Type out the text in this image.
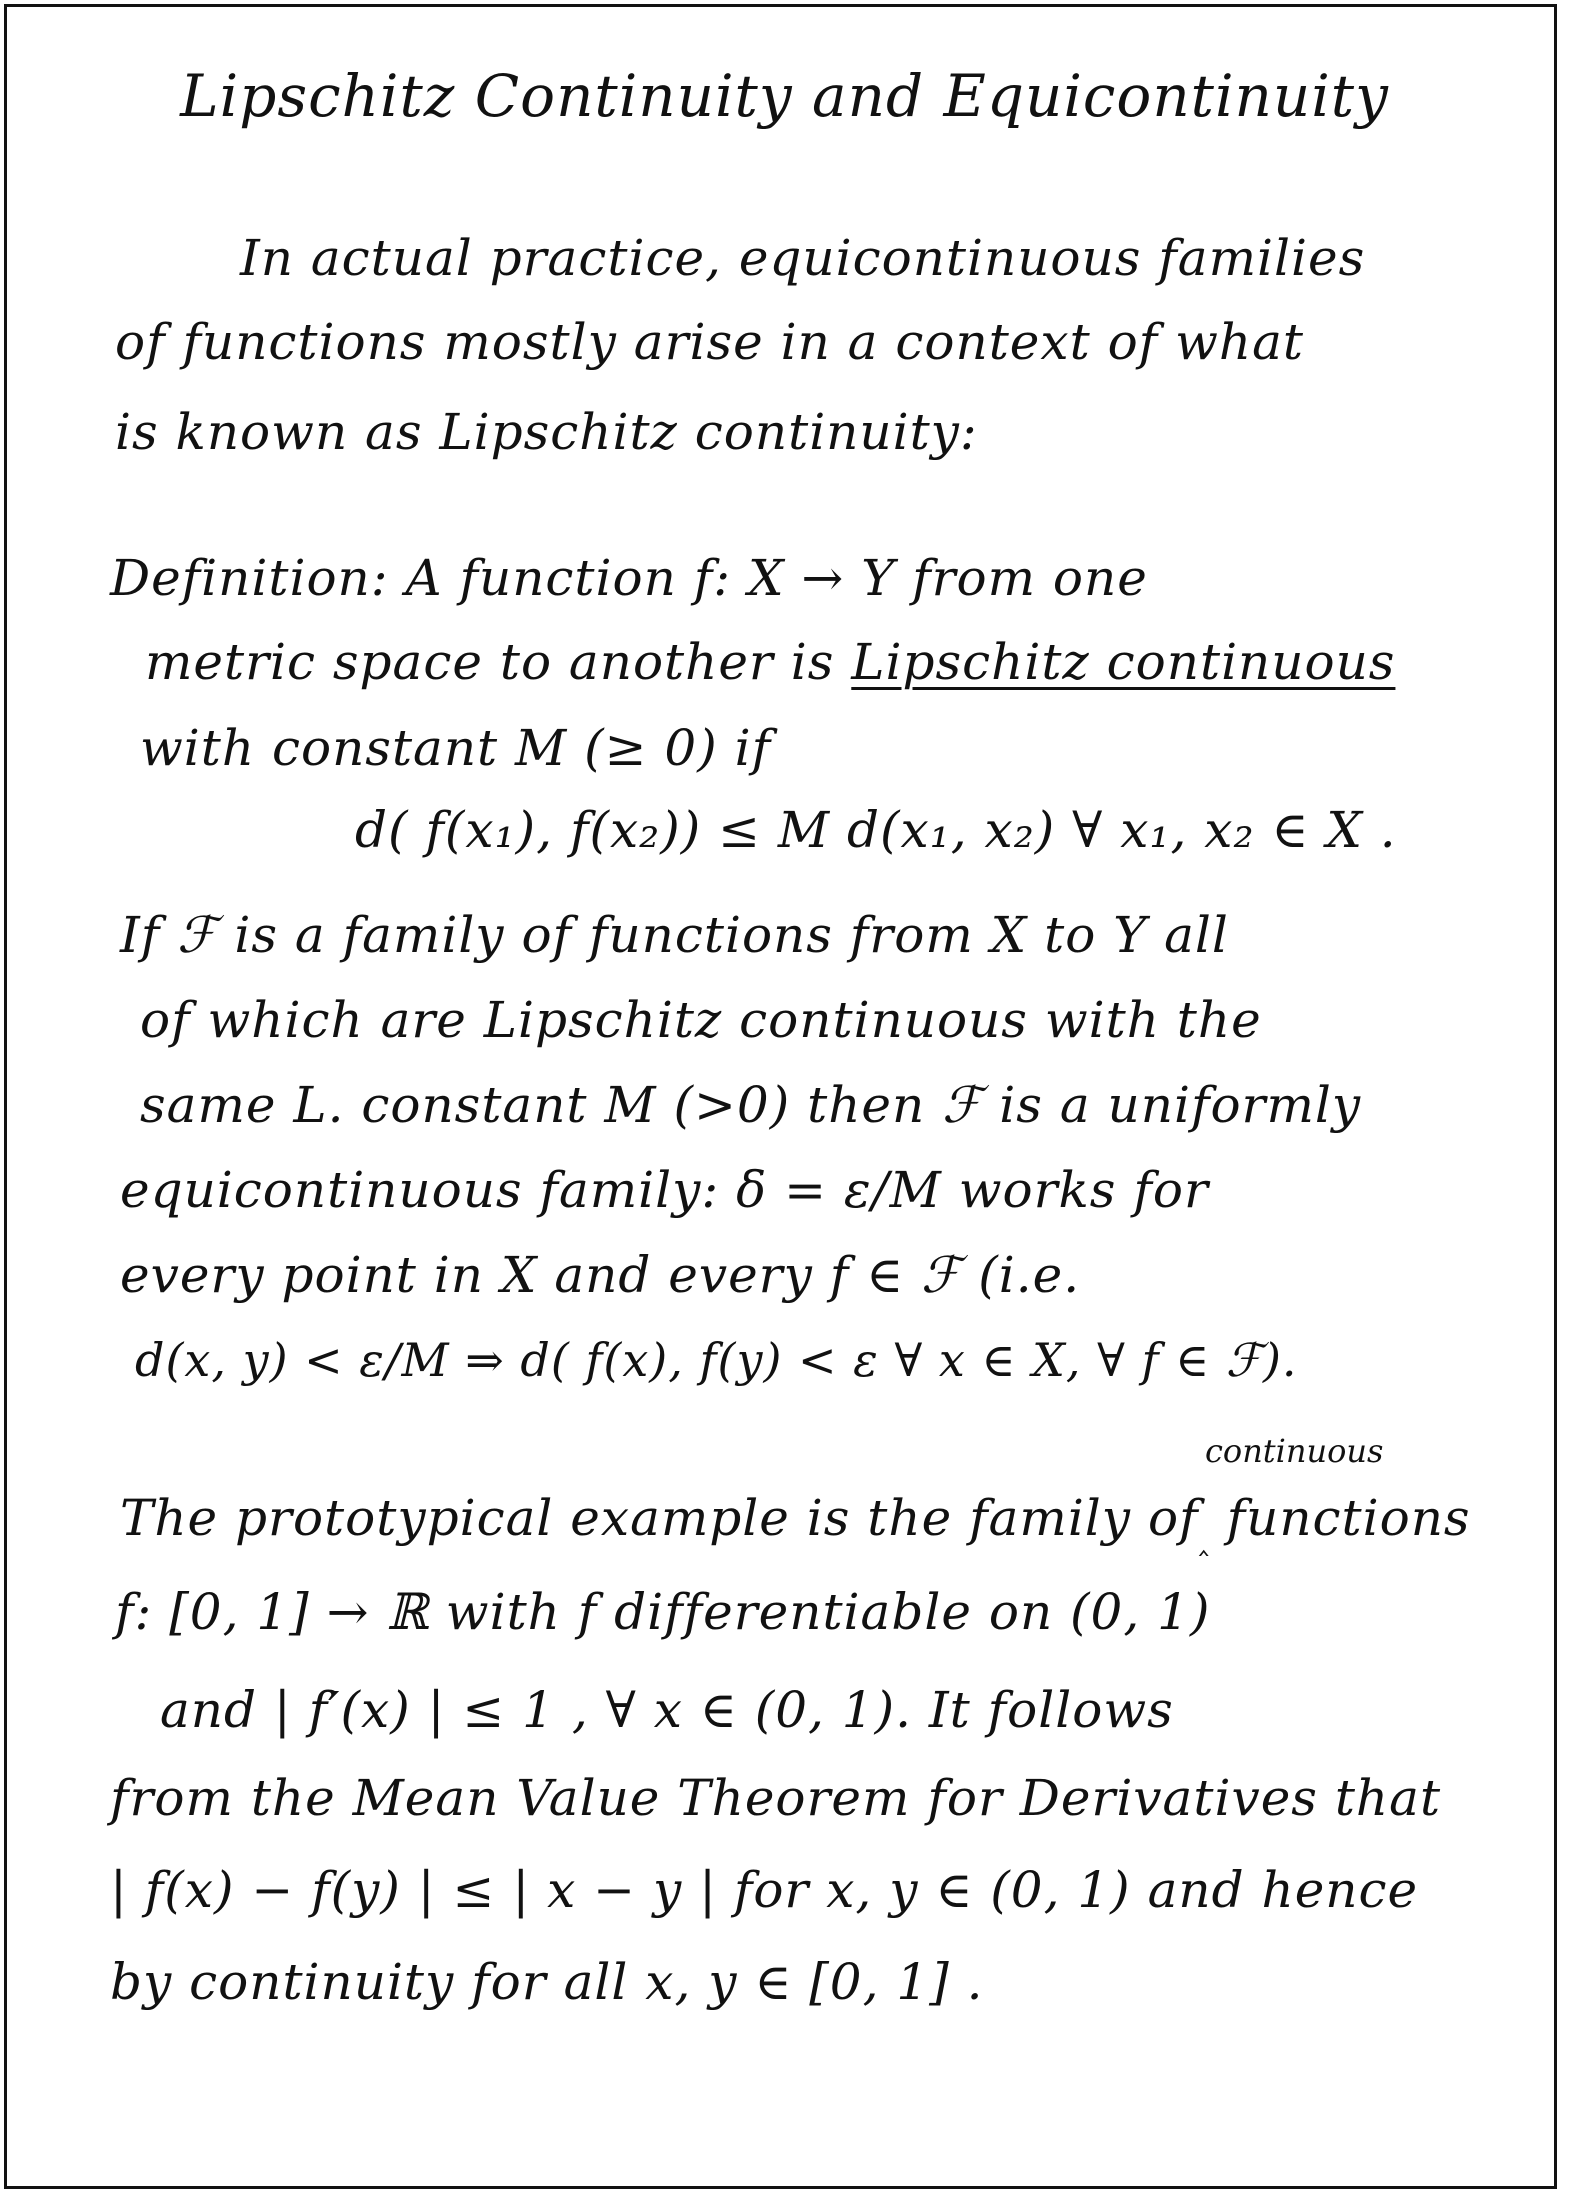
Lipschitz Continuity and Equicontinuity
In actual practice, equicontinuous families
of functions mostly arise in a context of what
is known as Lipschitz continuity:
Definition: A function f: X → Y from one
metric space to another is Lipschitz continuous
with constant M (≥ 0) if
d( f(x₁), f(x₂)) ≤ M d(x₁, x₂) ∀ x₁, x₂ ∈ X .
If ℱ is a family of functions from X to Y all
of which are Lipschitz continuous with the
same L. constant M (>0) then ℱ is a uniformly
equicontinuous family: δ = ε/M works for
every point in X and every f ∈ ℱ (i.e.
d(x, y) < ε/M ⇒ d( f(x), f(y) < ε ∀ x ∈ X, ∀ f ∈ ℱ).
continuous
The prototypical example is the family $of_‸$ functions
f: [0, 1] → ℝ with f differentiable on (0, 1)
and | f′(x) | ≤ 1 , ∀ x ∈ (0, 1). It follows
from the Mean Value Theorem for Derivatives that
| f(x) − f(y) | ≤ | x − y | for x, y ∈ (0, 1) and hence
by continuity for all x, y ∈ [0, 1] .
